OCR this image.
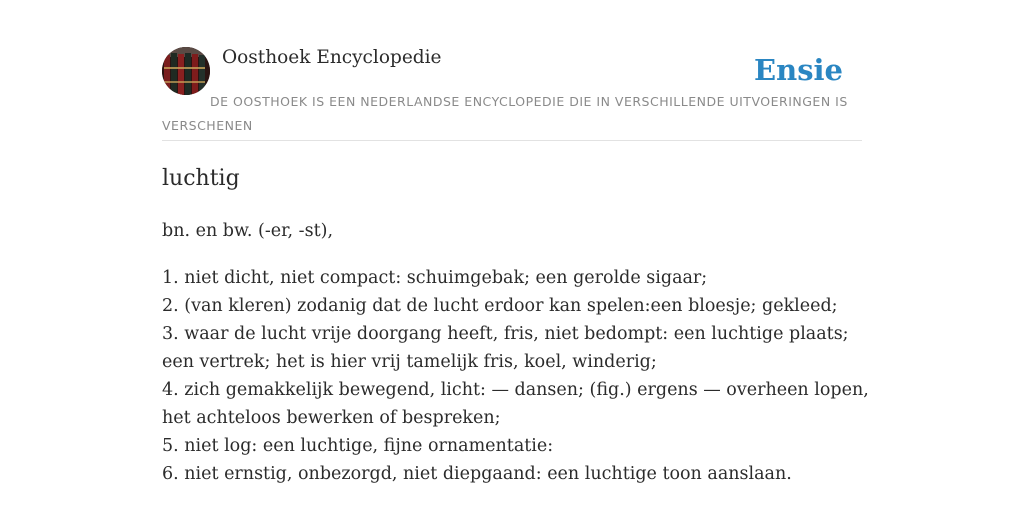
Oosthoek Encyclopedie	Ensie
DE OOSTHOEK IS EEN NEDERLANDSE ENCYCLOPEDIE DIE IN VERSCHILLENDE UITVOERINGEN IS VERSCHENEN
luchtig
bn. en bw. (-er, -st),
1. niet dicht, niet compact: schuimgebak; een gerolde sigaar;
2. (van kleren) zodanig dat de lucht erdoor kan spelen:een bloesje; gekleed;
3. waar de lucht vrije doorgang heeft, fris, niet bedompt: een luchtige plaats; een vertrek; het is hier vrij tamelijk fris, koel, winderig;
4. zich gemakkelijk bewegend, licht: — dansen; (fig.) ergens — overheen lopen, het achteloos bewerken of bespreken;
5. niet log: een luchtige, fijne ornamentatie:
6. niet ernstig, onbezorgd, niet diepgaand: een luchtige toon aanslaan.
